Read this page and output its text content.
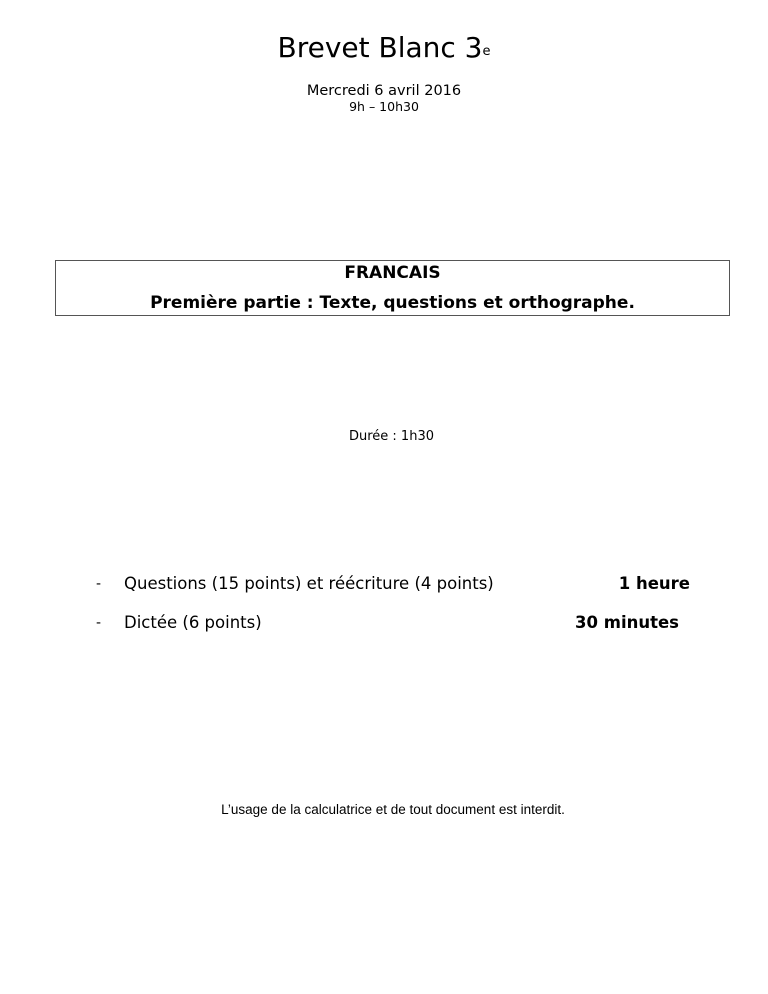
Brevet Blanc 3e
Mercredi 6 avril 2016
9h – 10h30
FRANCAIS
Première partie : Texte, questions et orthographe.
Durée : 1h30
- Questions (15 points) et réécriture (4 points)	1 heure
- Dictée (6 points)	30 minutes
L’usage de la calculatrice et de tout document est interdit.
